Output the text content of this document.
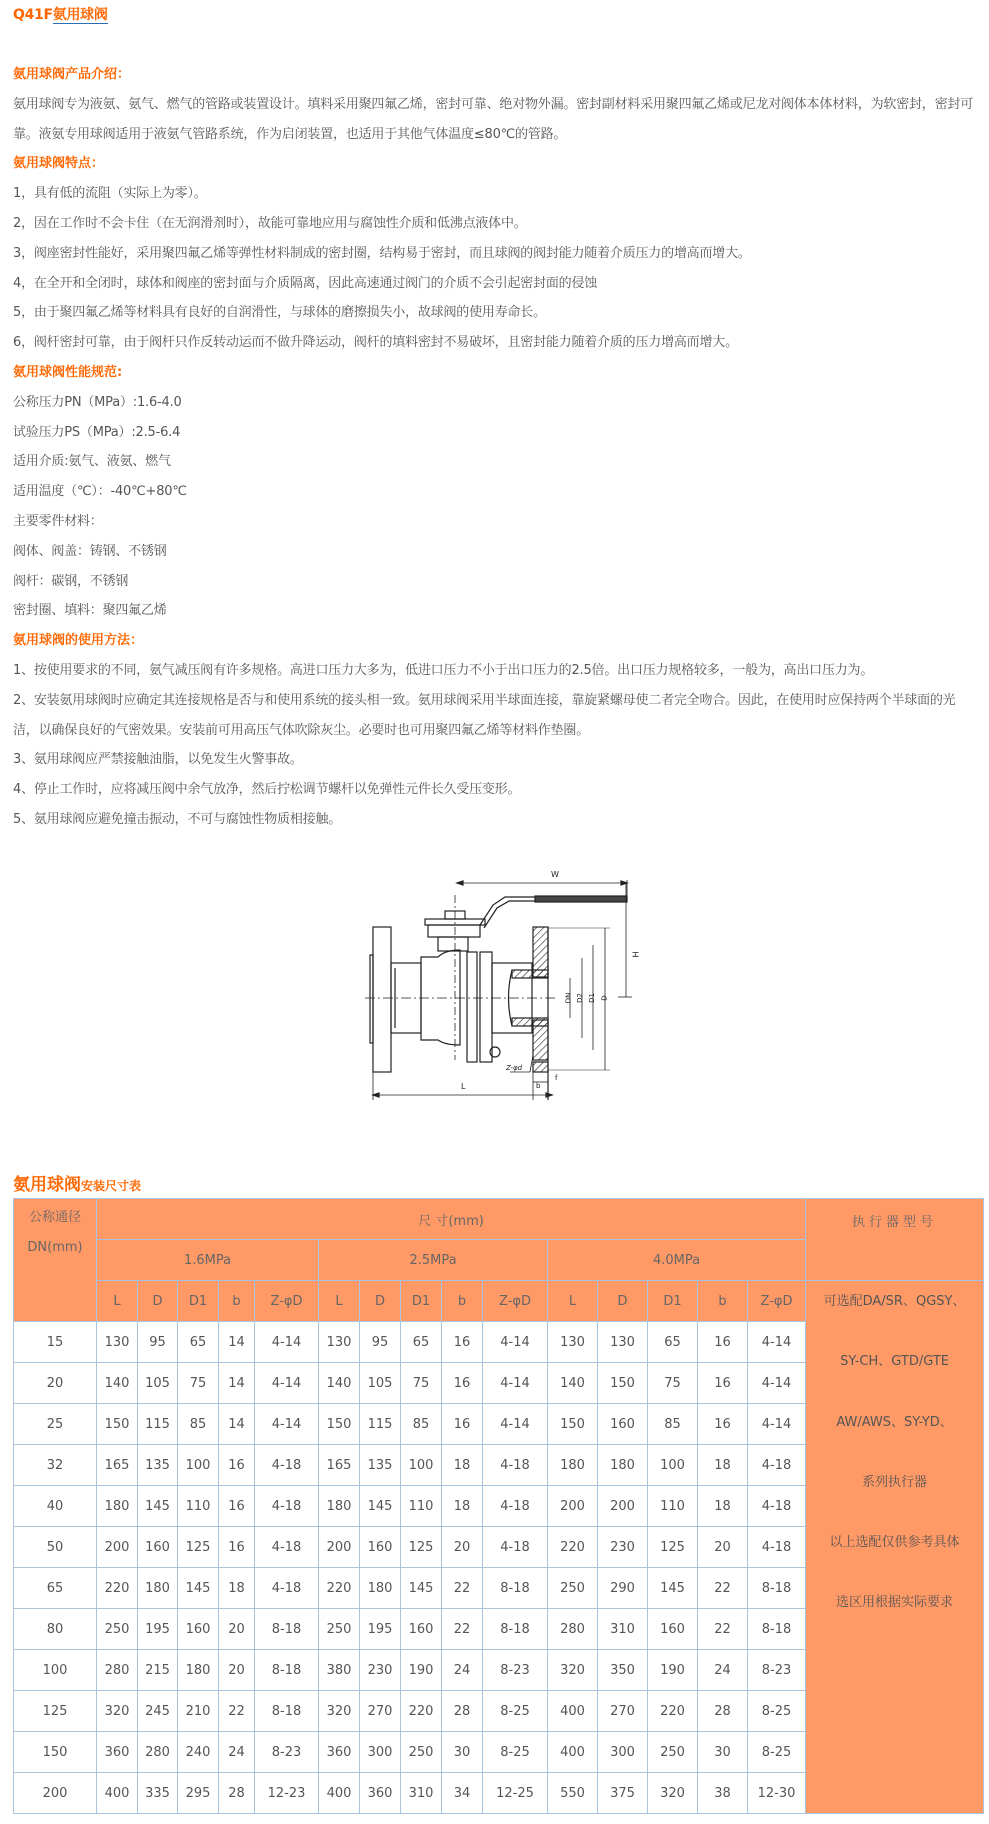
Q41F氨用球阀
氨用球阀产品介绍：
氨用球阀专为液氨、氨气、燃气的管路或装置设计。填料采用聚四氟乙烯，密封可靠、绝对物外漏。密封副材料采用聚四氟乙烯或尼龙对阀体本体材料，为软密封，密封可靠。液氨专用球阀适用于液氨气管路系统，作为启闭装置，也适用于其他气体温度≤80℃的管路。
氨用球阀特点：
1，具有低的流阻（实际上为零）。
2，因在工作时不会卡住（在无润滑剂时），故能可靠地应用与腐蚀性介质和低沸点液体中。
3，阀座密封性能好，采用聚四氟乙烯等弹性材料制成的密封圈，结构易于密封，而且球阀的阀封能力随着介质压力的增高而增大。
4，在全开和全闭时，球体和阀座的密封面与介质隔离，因此高速通过阀门的介质不会引起密封面的侵蚀
5，由于聚四氟乙烯等材料具有良好的自润滑性，与球体的磨擦损失小，故球阀的使用寿命长。
6，阀杆密封可靠，由于阀杆只作反转动运而不做升降运动，阀杆的填料密封不易破坏，且密封能力随着介质的压力增高而增大。
氨用球阀性能规范:
公称压力PN（MPa）:1.6-4.0
试验压力PS（MPa）:2.5-6.4
适用介质:氨气、液氨、燃气
适用温度（℃）：-40℃+80℃
主要零件材料：
阀体、阀盖：铸钢、不锈钢
阀杆：碳钢，不锈钢
密封圈、填料：聚四氟乙烯
氨用球阀的使用方法：
1、按使用要求的不同，氨气减压阀有许多规格。高进口压力大多为，低进口压力不小于出口压力的2.5倍。出口压力规格较多，一般为，高出口压力为。
2、安装氨用球阀时应确定其连接规格是否与和使用系统的接头相一致。氨用球阀采用半球面连接，靠旋紧螺母使二者完全吻合。因此，在使用时应保持两个半球面的光洁，以确保良好的气密效果。安装前可用高压气体吹除灰尘。必要时也可用聚四氟乙烯等材料作垫圈。
3、氨用球阀应严禁接触油脂，以免发生火警事故。
4、停止工作时，应将减压阀中余气放净，然后拧松调节螺杆以免弹性元件长久受压变形。
5、氨用球阀应避免撞击振动，不可与腐蚀性物质相接触。
W
H
L	b
f
DN D2 D1 D
Z-φd
氨用球阀安装尺寸表
公称通径
DN(mm)	尺 寸(mm)															执行器型号
	1.6MPa					2.5MPa					4.0MPa					
L	D	D1	b	Z-φD	L	D	D1	b	Z-φD	L	D	D1	b	Z-φD	可选配DA/SR、QGSY、
SY-CH、GTD/GTE
AW/AWS、SY-YD、
系列执行器
以上选配仅供参考具体
选区用根据实际要求

15	130	95	65	14	4-14	130	95	65	16	4-14	130	130	65	16	4-14	
20	140	105	75	14	4-14	140	105	75	16	4-14	140	150	75	16	4-14	
25	150	115	85	14	4-14	150	115	85	16	4-14	150	160	85	16	4-14	
32	165	135	100	16	4-18	165	135	100	18	4-18	180	180	100	18	4-18	
40	180	145	110	16	4-18	180	145	110	18	4-18	200	200	110	18	4-18	
50	200	160	125	16	4-18	200	160	125	20	4-18	220	230	125	20	4-18	
65	220	180	145	18	4-18	220	180	145	22	8-18	250	290	145	22	8-18	
80	250	195	160	20	8-18	250	195	160	22	8-18	280	310	160	22	8-18	
100	280	215	180	20	8-18	380	230	190	24	8-23	320	350	190	24	8-23	
125	320	245	210	22	8-18	320	270	220	28	8-25	400	270	220	28	8-25	
150	360	280	240	24	8-23	360	300	250	30	8-25	400	300	250	30	8-25	
200	400	335	295	28	12-23	400	360	310	34	12-25	550	375	320	38	12-30	
